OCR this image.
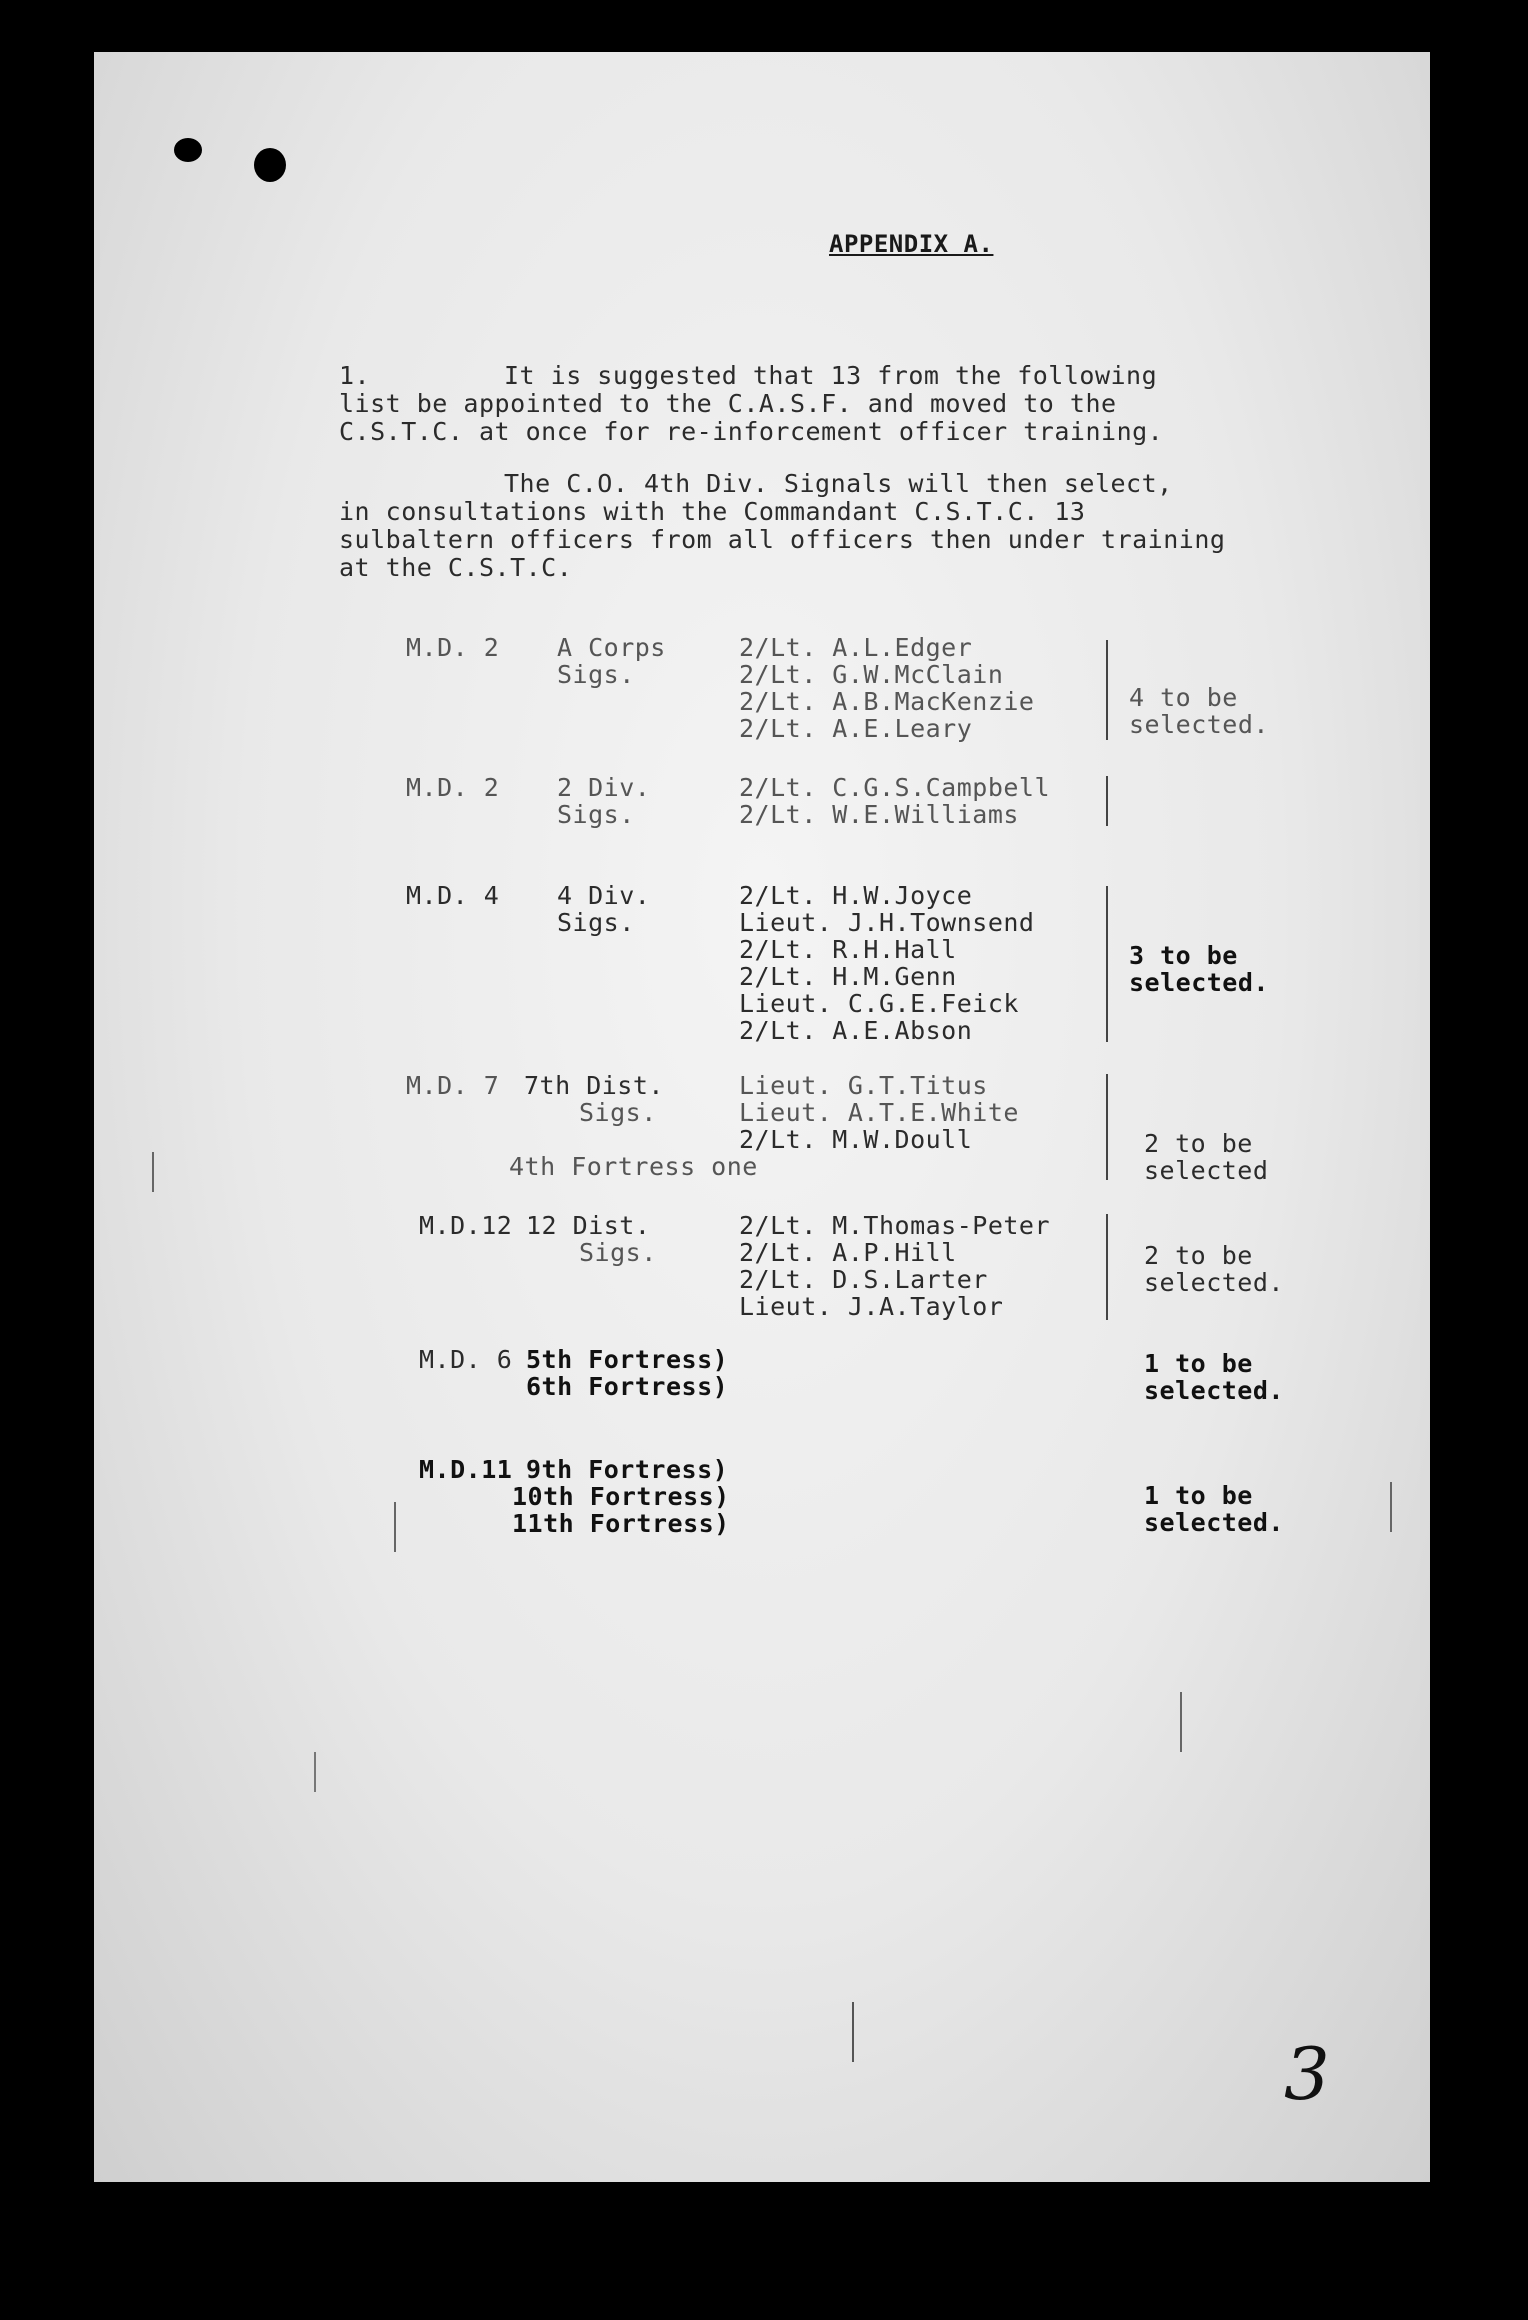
APPENDIX A.
1.	It is suggested that 13 from the following
list be appointed to the C.A.S.F. and moved to the
C.S.T.C. at once for re-inforcement officer training.
The C.O. 4th Div. Signals will then select,
in consultations with the Commandant C.S.T.C. 13
sulbaltern officers from all officers then under training
at the C.S.T.C.
M.D. 2 A Corps
Sigs.
2/Lt. A.L.Edger
2/Lt. G.W.McClain
2/Lt. A.B.MacKenzie
2/Lt. A.E.Leary
4 to be
selected.
M.D. 2 2 Div.
Sigs.
2/Lt. C.G.S.Campbell
2/Lt. W.E.Williams
M.D. 4 4 Div.
Sigs.
2/Lt. H.W.Joyce
Lieut. J.H.Townsend
2/Lt. R.H.Hall
2/Lt. H.M.Genn
Lieut. C.G.E.Feick
2/Lt. A.E.Abson
3 to be
selected.
M.D. 7 7th Dist.
Sigs.
Lieut. G.T.Titus
Lieut. A.T.E.White
2/Lt. M.W.Doull
4th Fortress one
2 to be
selected
M.D.12 12 Dist.
Sigs.
2/Lt. M.Thomas-Peter
2/Lt. A.P.Hill
2/Lt. D.S.Larter
Lieut. J.A.Taylor
2 to be
selected.
M.D. 6 5th Fortress)
6th Fortress)
1 to be
selected.
M.D.11 9th Fortress)
10th Fortress)
11th Fortress)
1 to be
selected.
3
